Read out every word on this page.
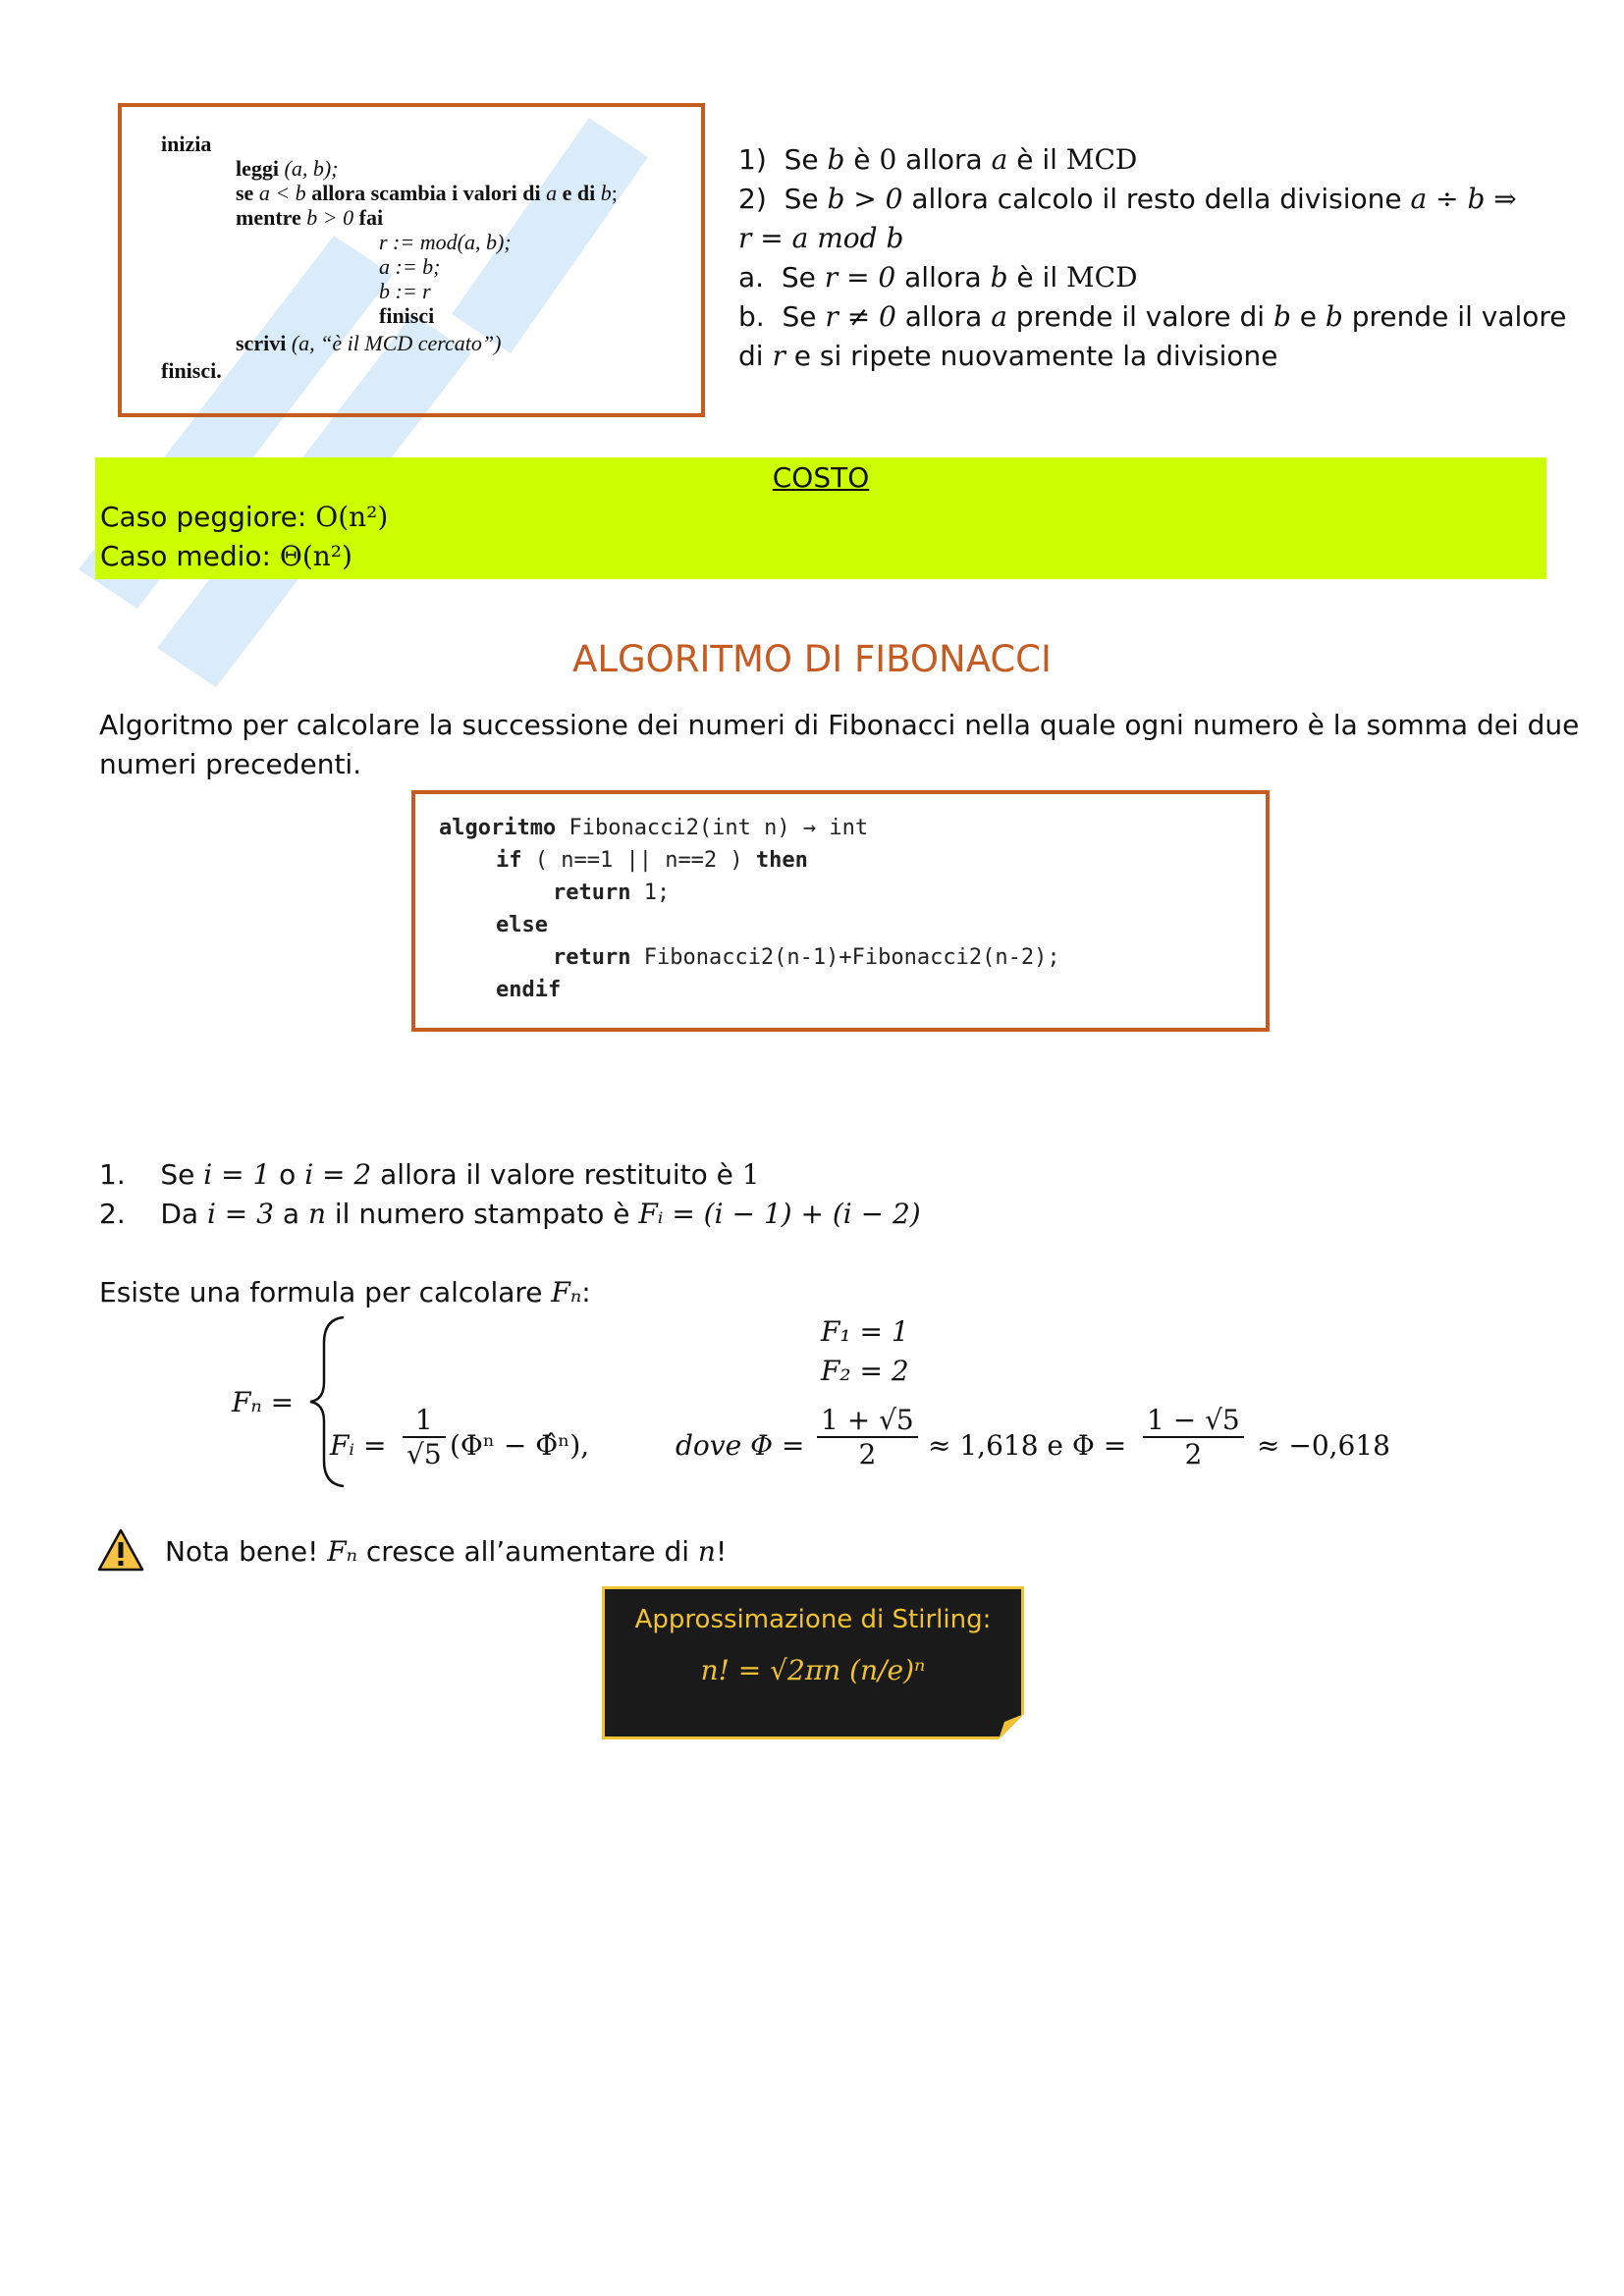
inizia
leggi (a, b);
se a < b allora scambia i valori di a e di b;
mentre b > 0 fai
r := mod(a, b);
a := b;
b := r
finisci
scrivi (a, “è il MCD cercato”)
finisci.
1) Se b è 0 allora a è il MCD
2) Se b > 0 allora calcolo il resto della divisione a ÷ b ⇒
r = a mod b
a. Se r = 0 allora b è il MCD
b. Se r ≠ 0 allora a prende il valore di b e b prende il valore
di r e si ripete nuovamente la divisione
COSTO
Caso peggiore: O(n²)
Caso medio: Θ(n²)
ALGORITMO DI FIBONACCI
Algoritmo per calcolare la successione dei numeri di Fibonacci nella quale ogni numero è la somma dei due
numeri precedenti.
algoritmo Fibonacci2(int n) → int
if ( n==1 || n==2 ) then
return 1;
else
return Fibonacci2(n-1)+Fibonacci2(n-2);
endif
1. Se i = 1 o i = 2 allora il valore restituito è 1
2. Da i = 3 a n il numero stampato è Fᵢ = (i − 1) + (i − 2)
Esiste una formula per calcolare Fₙ:
Fₙ =
F₁ = 1
F₂ = 2
Fᵢ = $\frac{1}{√5} (\Phi^n$ − Φ̂ⁿ),	dove $\Phi = \frac{1 + √5}{2} \approx 1,618$ e $\Phi = \frac{1 - √5}{2} \approx -0,618$
Nota bene! Fₙ cresce all’aumentare di n!
Approssimazione di Stirling:
n! = √2πn (n/e)ⁿ
